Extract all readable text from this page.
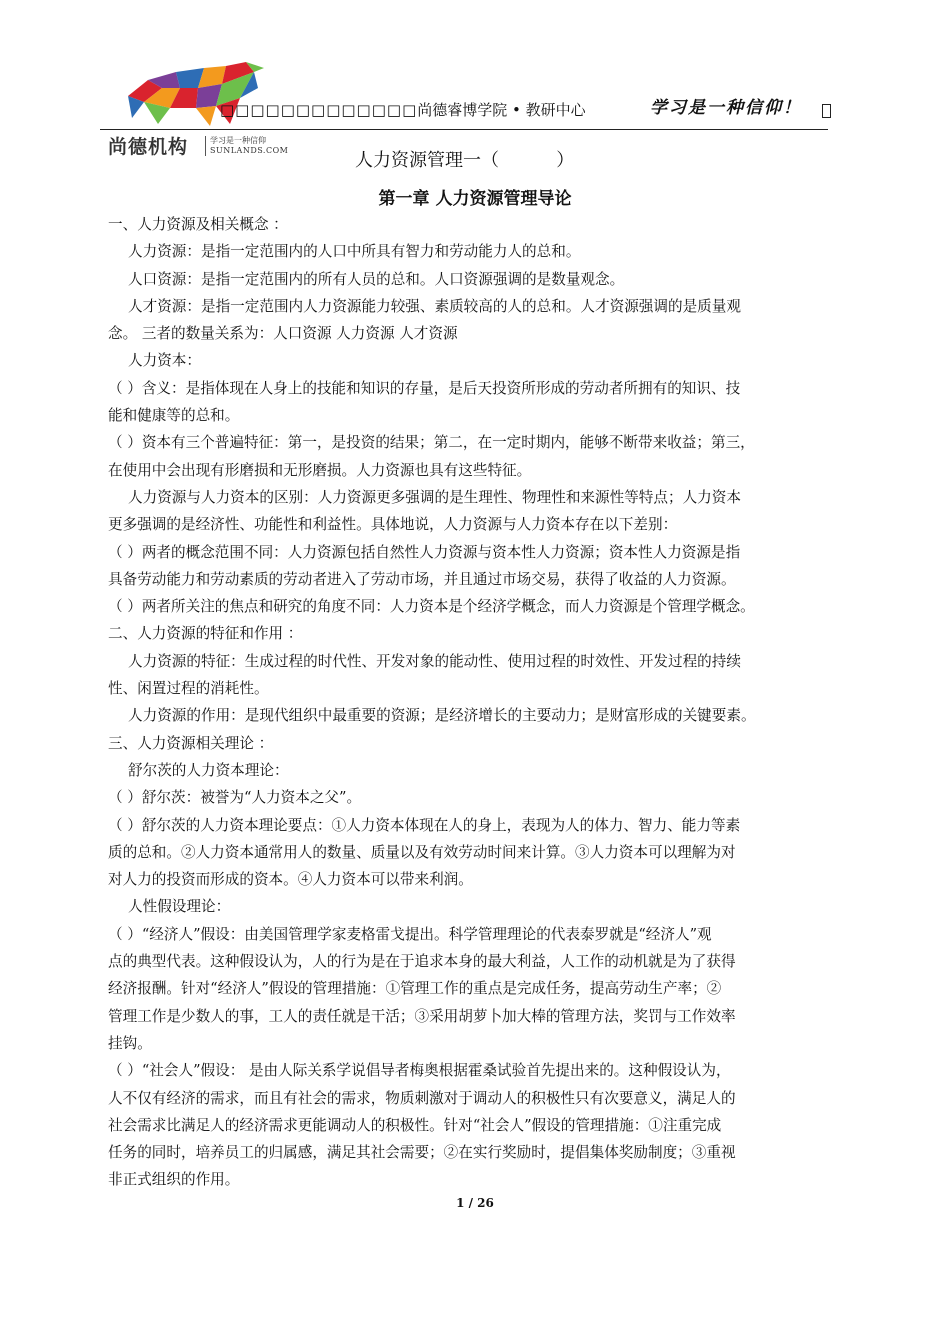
尚德机构	学习是一种信仰
SUNLANDS.COM
□□□□□□□□□□□□□尚德睿博学院 • 教研中心	学习是一种信仰！
人力资源管理一（          ）
第一章 人力资源管理导论

一、人力资源及相关概念 ：

人力资源：是指一定范围内的人口中所具有智力和劳动能力人的总和。

人口资源：是指一定范围内的所有人员的总和。人口资源强调的是数量观念。

人才资源：是指一定范围内人力资源能力较强、素质较高的人的总和。人才资源强调的是质量观

念。 三者的数量关系为：人口资源 人力资源 人才资源

人力资本：

（ ）含义：是指体现在人身上的技能和知识的存量，是后天投资所形成的劳动者所拥有的知识、技

能和健康等的总和。

（ ）资本有三个普遍特征：第一，是投资的结果；第二，在一定时期内，能够不断带来收益；第三，

在使用中会出现有形磨损和无形磨损。人力资源也具有这些特征。

人力资源与人力资本的区别：人力资源更多强调的是生理性、物理性和来源性等特点；人力资本

更多强调的是经济性、功能性和利益性。具体地说，人力资源与人力资本存在以下差别：

（ ）两者的概念范围不同：人力资源包括自然性人力资源与资本性人力资源；资本性人力资源是指

具备劳动能力和劳动素质的劳动者进入了劳动市场，并且通过市场交易，获得了收益的人力资源。

（ ）两者所关注的焦点和研究的角度不同：人力资本是个经济学概念，而人力资源是个管理学概念。

二、人力资源的特征和作用 ：

人力资源的特征：生成过程的时代性、开发对象的能动性、使用过程的时效性、开发过程的持续

性、闲置过程的消耗性。

人力资源的作用：是现代组织中最重要的资源；是经济增长的主要动力；是财富形成的关键要素。

三、人力资源相关理论 ：

舒尔茨的人力资本理论：

（ ）舒尔茨：被誉为“人力资本之父”。

（ ）舒尔茨的人力资本理论要点：①人力资本体现在人的身上，表现为人的体力、智力、能力等素

质的总和。②人力资本通常用人的数量、质量以及有效劳动时间来计算。③人力资本可以理解为对

对人力的投资而形成的资本。④人力资本可以带来利润。

人性假设理论：

（ ）“经济人”假设：由美国管理学家麦格雷戈提出。科学管理理论的代表泰罗就是“经济人”观

点的典型代表。这种假设认为，人的行为是在于追求本身的最大利益，人工作的动机就是为了获得

经济报酬。针对“经济人”假设的管理措施：①管理工作的重点是完成任务，提高劳动生产率；②

管理工作是少数人的事，工人的责任就是干活；③采用胡萝卜加大棒的管理方法，奖罚与工作效率

挂钩。

（ ）“社会人”假设： 是由人际关系学说倡导者梅奥根据霍桑试验首先提出来的。这种假设认为，

人不仅有经济的需求，而且有社会的需求，物质刺激对于调动人的积极性只有次要意义，满足人的

社会需求比满足人的经济需求更能调动人的积极性。针对“社会人”假设的管理措施：①注重完成

任务的同时，培养员工的归属感，满足其社会需要；②在实行奖励时，提倡集体奖励制度；③重视

非正式组织的作用。

1 / 26
